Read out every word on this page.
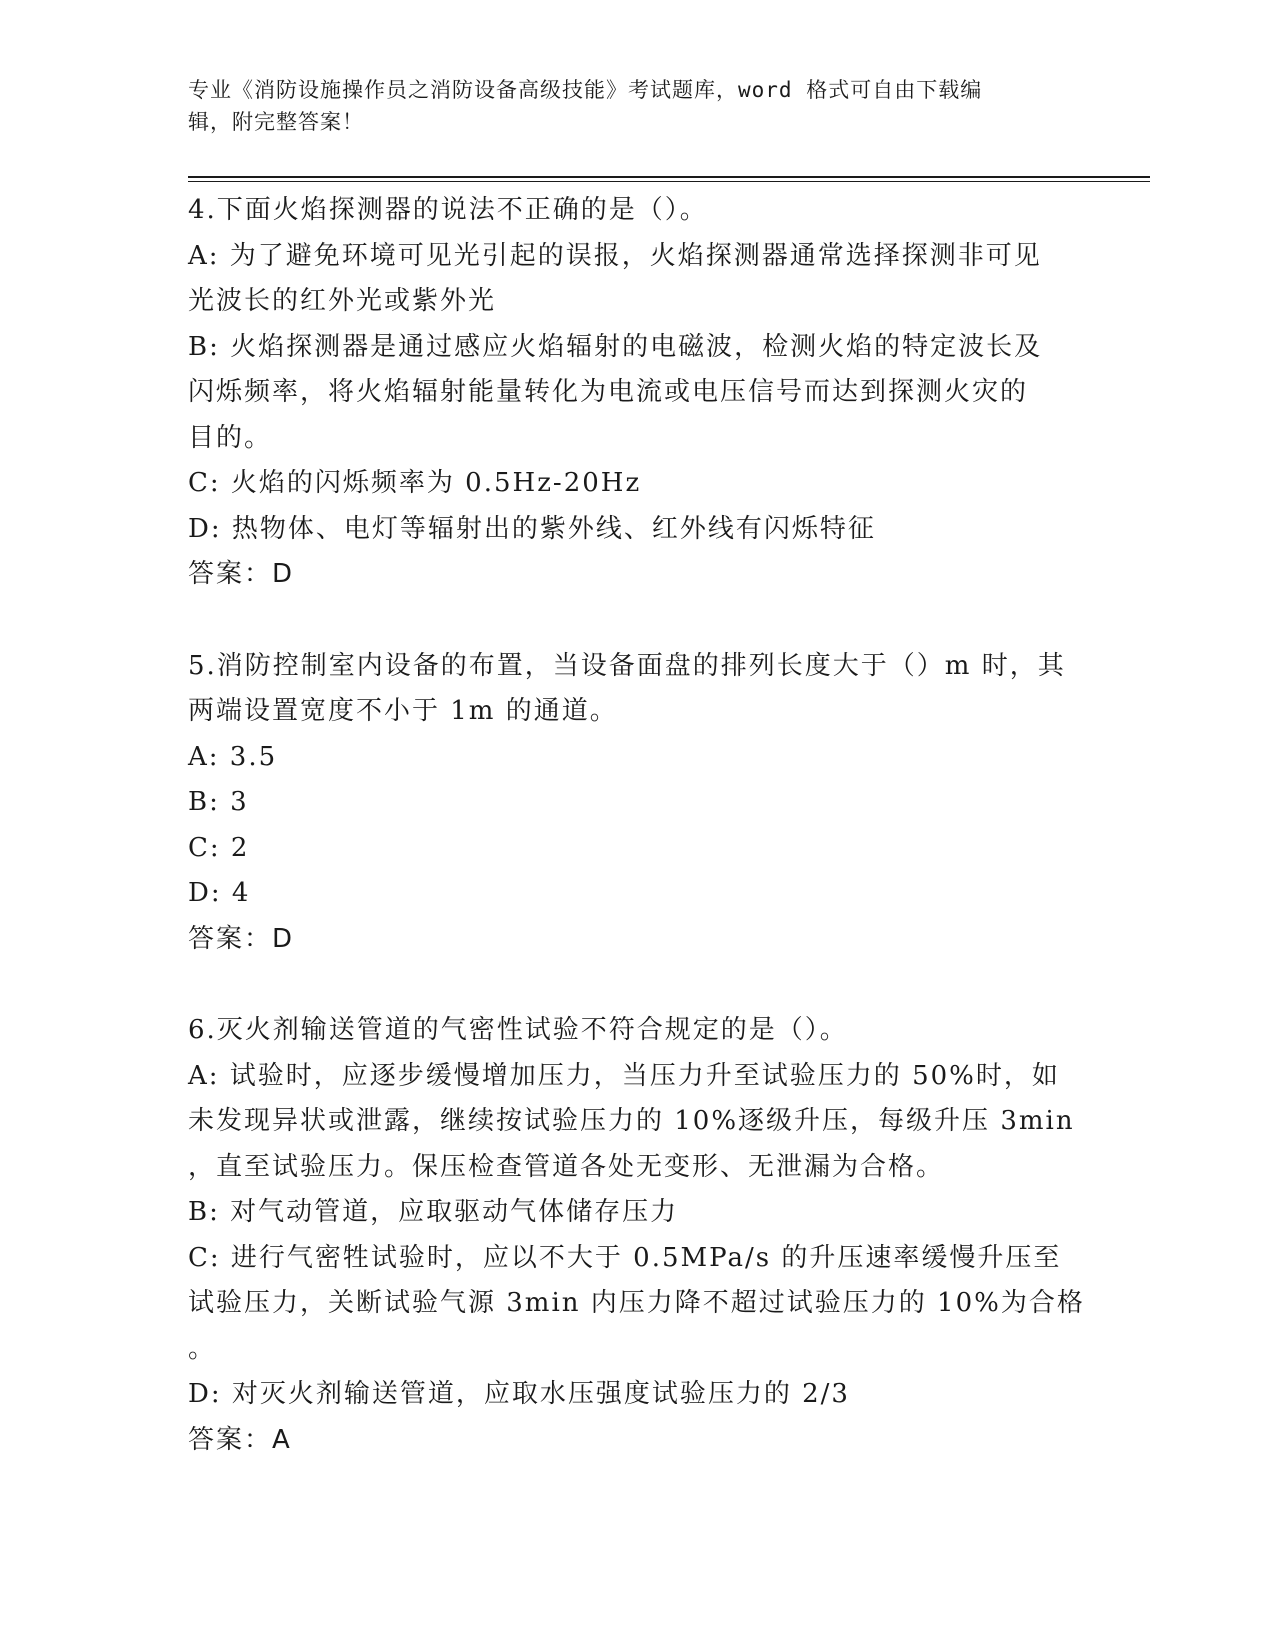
专业《消防设施操作员之消防设备高级技能》考试题库，word 格式可自由下载编
辑，附完整答案！

4.下面火焰探测器的说法不正确的是（）。

A: 为了避免环境可见光引起的误报，火焰探测器通常选择探测非可见

光波长的红外光或紫外光

B: 火焰探测器是通过感应火焰辐射的电磁波，检测火焰的特定波长及

闪烁频率，将火焰辐射能量转化为电流或电压信号而达到探测火灾的

目的。

C: 火焰的闪烁频率为 0.5Hz-20Hz

D: 热物体、电灯等辐射出的紫外线、红外线有闪烁特征

答案：D

5.消防控制室内设备的布置，当设备面盘的排列长度大于（）m 时，其

两端设置宽度不小于 1m 的通道。

A: 3.5

B: 3

C: 2

D: 4

答案：D

6.灭火剂输送管道的气密性试验不符合规定的是（）。

A: 试验时，应逐步缓慢增加压力，当压力升至试验压力的 50%时，如

未发现异状或泄露，继续按试验压力的 10%逐级升压，每级升压 3min

，直至试验压力。保压检查管道各处无变形、无泄漏为合格。

B: 对气动管道，应取驱动气体储存压力

C: 进行气密牲试验时，应以不大于 0.5MPa/s 的升压速率缓慢升压至

试验压力，关断试验气源 3min 内压力降不超过试验压力的 10%为合格

。

D: 对灭火剂输送管道，应取水压强度试验压力的 2/3

答案：A
